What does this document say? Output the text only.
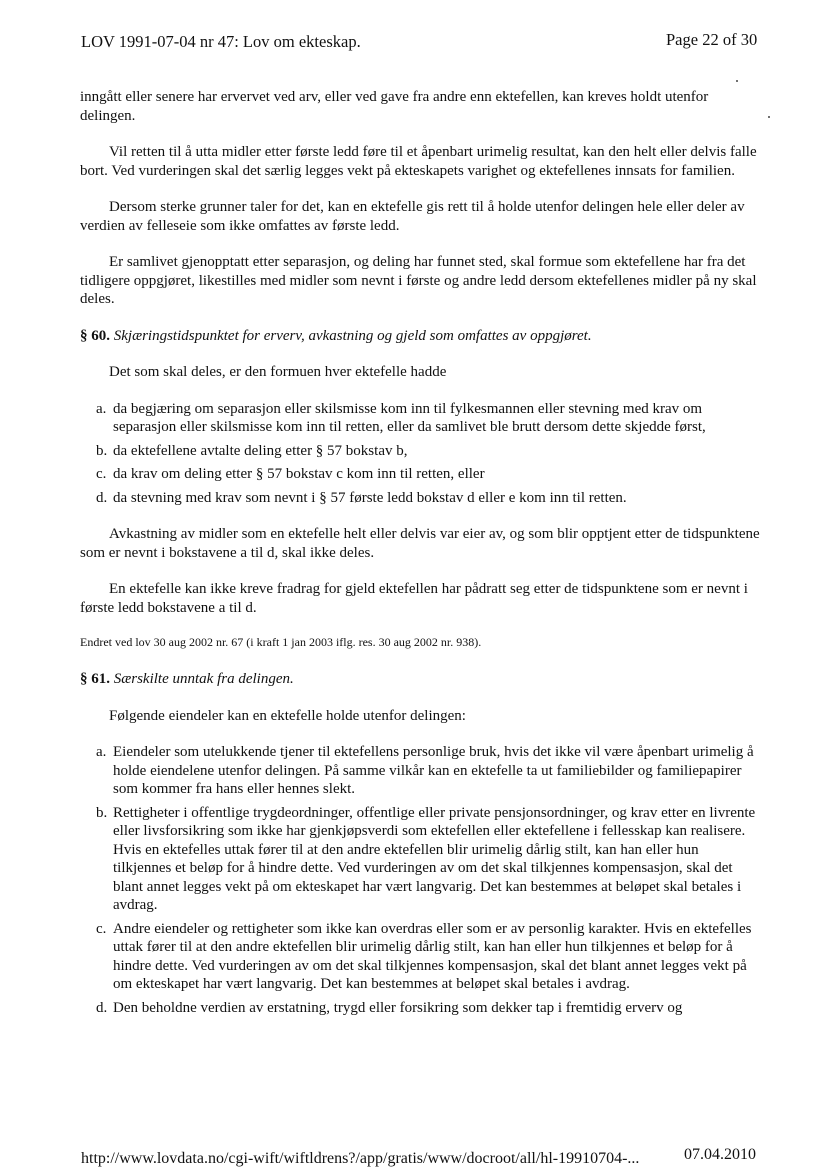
LOV 1991-07-04 nr 47: Lov om ekteskap.	Page 22 of 30

inngått eller senere har ervervet ved arv, eller ved gave fra andre enn ektefellen, kan kreves holdt utenfor delingen.

Vil retten til å utta midler etter første ledd føre til et åpenbart urimelig resultat, kan den helt eller delvis falle bort. Ved vurderingen skal det særlig legges vekt på ekteskapets varighet og ektefellenes innsats for familien.

Dersom sterke grunner taler for det, kan en ektefelle gis rett til å holde utenfor delingen hele eller deler av verdien av felleseie som ikke omfattes av første ledd.

Er samlivet gjenopptatt etter separasjon, og deling har funnet sted, skal formue som ektefellene har fra det tidligere oppgjøret, likestilles med midler som nevnt i første og andre ledd dersom ektefellenes midler på ny skal deles.

§ 60. Skjæringstidspunktet for erverv, avkastning og gjeld som omfattes av oppgjøret.

Det som skal deles, er den formuen hver ektefelle hadde

a. da begjæring om separasjon eller skilsmisse kom inn til fylkesmannen eller stevning med krav om separasjon eller skilsmisse kom inn til retten, eller da samlivet ble brutt dersom dette skjedde først,
b. da ektefellene avtalte deling etter § 57 bokstav b,
c. da krav om deling etter § 57 bokstav c kom inn til retten, eller
d. da stevning med krav som nevnt i § 57 første ledd bokstav d eller e kom inn til retten.

Avkastning av midler som en ektefelle helt eller delvis var eier av, og som blir opptjent etter de tidspunktene som er nevnt i bokstavene a til d, skal ikke deles.

En ektefelle kan ikke kreve fradrag for gjeld ektefellen har pådratt seg etter de tidspunktene som er nevnt i første ledd bokstavene a til d.

Endret ved lov 30 aug 2002 nr. 67 (i kraft 1 jan 2003 iflg. res. 30 aug 2002 nr. 938).

§ 61. Særskilte unntak fra delingen.

Følgende eiendeler kan en ektefelle holde utenfor delingen:

a. Eiendeler som utelukkende tjener til ektefellens personlige bruk, hvis det ikke vil være åpenbart urimelig å holde eiendelene utenfor delingen. På samme vilkår kan en ektefelle ta ut familiebilder og familiepapirer som kommer fra hans eller hennes slekt.
b. Rettigheter i offentlige trygdeordninger, offentlige eller private pensjonsordninger, og krav etter en livrente eller livsforsikring som ikke har gjenkjøpsverdi som ektefellen eller ektefellene i fellesskap kan realisere. Hvis en ektefelles uttak fører til at den andre ektefellen blir urimelig dårlig stilt, kan han eller hun tilkjennes et beløp for å hindre dette. Ved vurderingen av om det skal tilkjennes kompensasjon, skal det blant annet legges vekt på om ekteskapet har vært langvarig. Det kan bestemmes at beløpet skal betales i avdrag.
c. Andre eiendeler og rettigheter som ikke kan overdras eller som er av personlig karakter. Hvis en ektefelles uttak fører til at den andre ektefellen blir urimelig dårlig stilt, kan han eller hun tilkjennes et beløp for å hindre dette. Ved vurderingen av om det skal tilkjennes kompensasjon, skal det blant annet legges vekt på om ekteskapet har vært langvarig. Det kan bestemmes at beløpet skal betales i avdrag.
d. Den beholdne verdien av erstatning, trygd eller forsikring som dekker tap i fremtidig erverv og
http://www.lovdata.no/cgi-wift/wiftldrens?/app/gratis/www/docroot/all/hl-19910704-...	07.04.2010
